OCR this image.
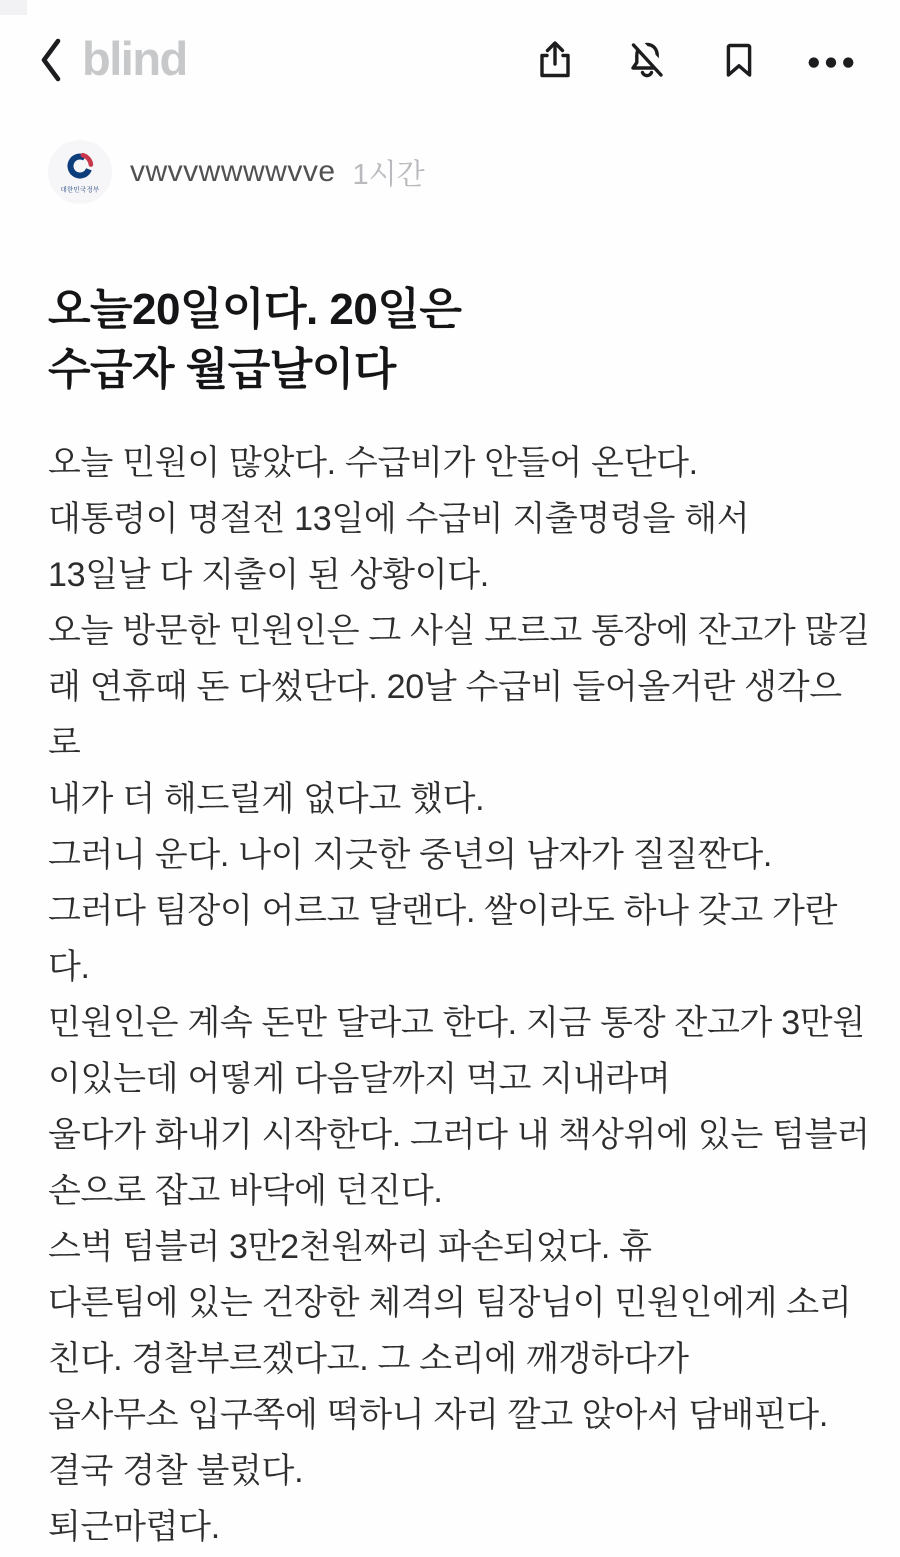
blind
대한민국정부
vwvvwwwwvve 1시간
오늘20일이다. 20일은
수급자 월급날이다
오늘 민원이 많았다. 수급비가 안들어 온단다.
대통령이 명절전 13일에 수급비 지출명령을 해서
13일날 다 지출이 된 상황이다.
오늘 방문한 민원인은 그 사실 모르고 통장에 잔고가 많길
래 연휴때 돈 다썼단다. 20날 수급비 들어올거란 생각으
로
내가 더 해드릴게 없다고 했다.
그러니 운다. 나이 지긋한 중년의 남자가 질질짠다.
그러다 팀장이 어르고 달랜다. 쌀이라도 하나 갖고 가란
다.
민원인은 계속 돈만 달라고 한다. 지금 통장 잔고가 3만원
이있는데 어떻게 다음달까지 먹고 지내라며
울다가 화내기 시작한다. 그러다 내 책상위에 있는 텀블러
손으로 잡고 바닥에 던진다.
스벅 텀블러 3만2천원짜리 파손되었다. 휴
다른팀에 있는 건장한 체격의 팀장님이 민원인에게 소리
친다. 경찰부르겠다고. 그 소리에 깨갱하다가
읍사무소 입구쪽에 떡하니 자리 깔고 앉아서 담배핀다.
결국 경찰 불렀다.
퇴근마렵다.
